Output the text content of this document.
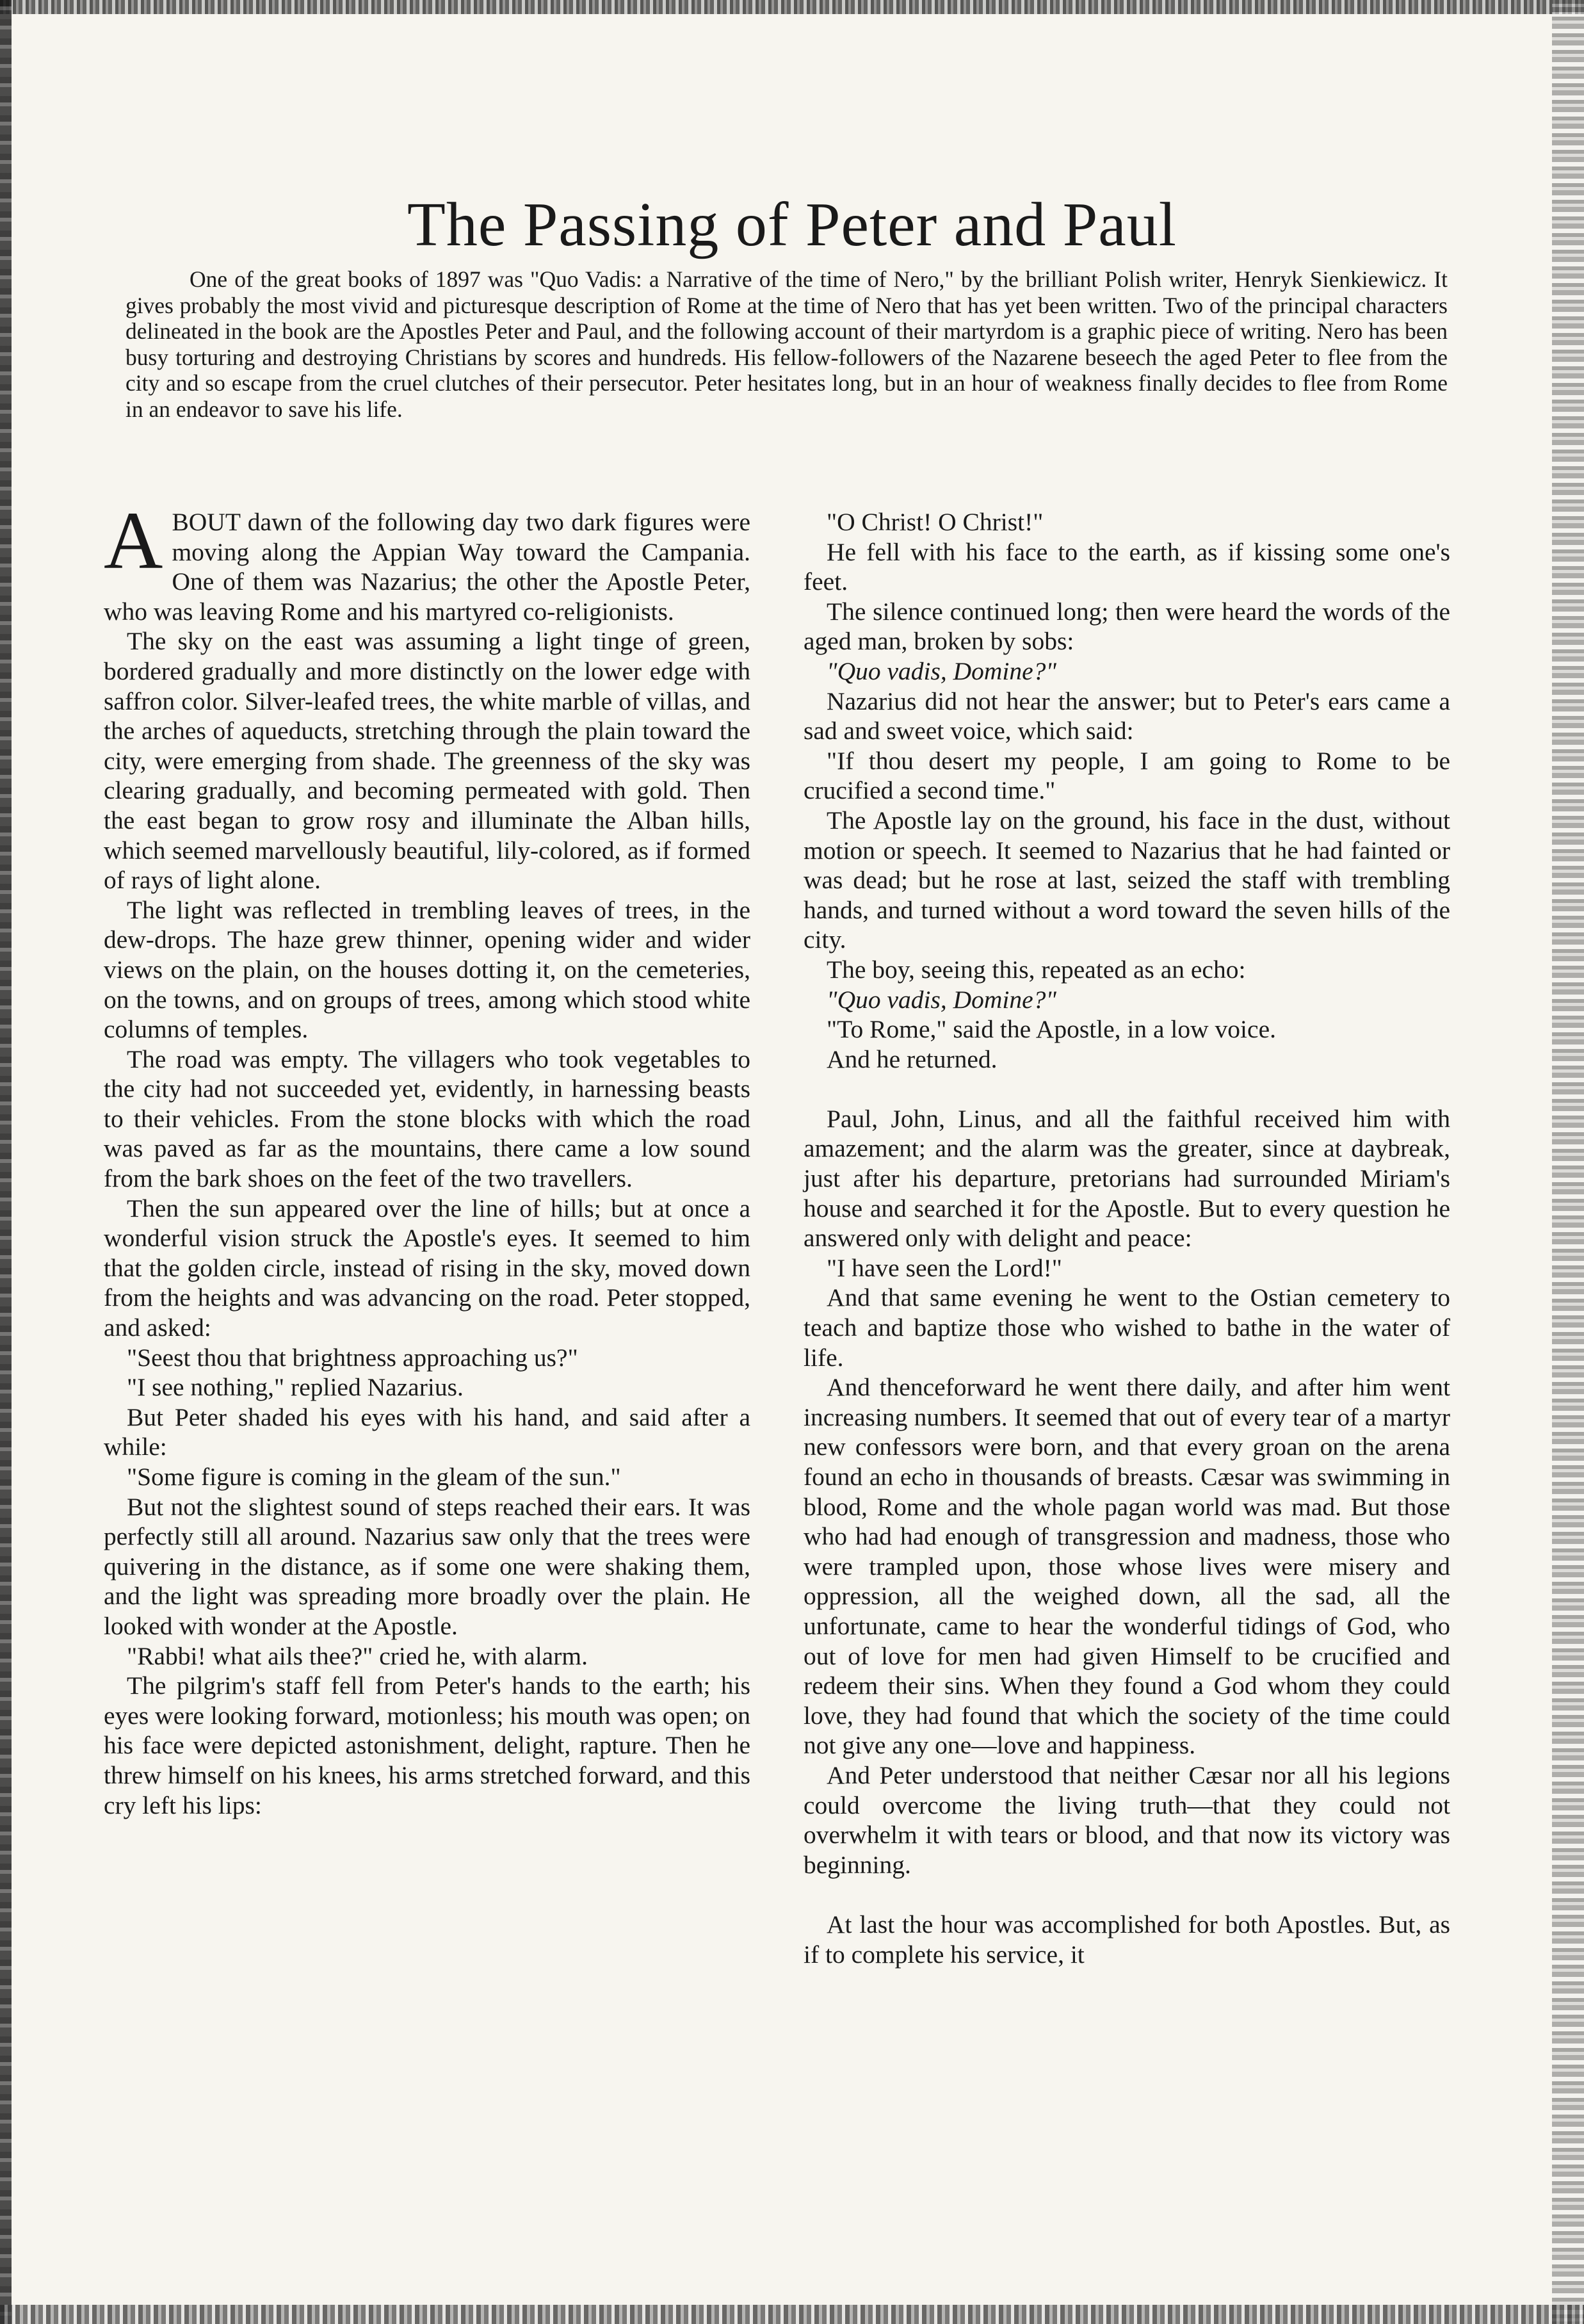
The Passing of Peter and Paul

One of the great books of 1897 was "Quo Vadis: a Narrative of the time of Nero," by the brilliant Polish writer, Henryk Sienkiewicz. It gives probably the most vivid and picturesque description of Rome at the time of Nero that has yet been written. Two of the principal characters delineated in the book are the Apostles Peter and Paul, and the following account of their martyrdom is a graphic piece of writing. Nero has been busy torturing and destroying Christians by scores and hundreds. His fellow-followers of the Nazarene beseech the aged Peter to flee from the city and so escape from the cruel clutches of their persecutor. Peter hesitates long, but in an hour of weakness finally decides to flee from Rome in an endeavor to save his life.

ABOUT dawn of the following day two dark figures were moving along the Appian Way toward the Campania. One of them was Nazarius; the other the Apostle Peter, who was leaving Rome and his martyred co-religionists.

The sky on the east was assuming a light tinge of green, bordered gradually and more distinctly on the lower edge with saffron color. Silver-leafed trees, the white marble of villas, and the arches of aqueducts, stretching through the plain toward the city, were emerging from shade. The greenness of the sky was clearing gradually, and becoming permeated with gold. Then the east began to grow rosy and illuminate the Alban hills, which seemed marvellously beautiful, lily-colored, as if formed of rays of light alone.

The light was reflected in trembling leaves of trees, in the dew-drops. The haze grew thinner, opening wider and wider views on the plain, on the houses dotting it, on the cemeteries, on the towns, and on groups of trees, among which stood white columns of temples.

The road was empty. The villagers who took vegetables to the city had not succeeded yet, evidently, in harnessing beasts to their vehicles. From the stone blocks with which the road was paved as far as the mountains, there came a low sound from the bark shoes on the feet of the two travellers.

Then the sun appeared over the line of hills; but at once a wonderful vision struck the Apostle's eyes. It seemed to him that the golden circle, instead of rising in the sky, moved down from the heights and was advancing on the road. Peter stopped, and asked:

"Seest thou that brightness approaching us?"

"I see nothing," replied Nazarius.

But Peter shaded his eyes with his hand, and said after a while:

"Some figure is coming in the gleam of the sun."

But not the slightest sound of steps reached their ears. It was perfectly still all around. Nazarius saw only that the trees were quivering in the distance, as if some one were shaking them, and the light was spreading more broadly over the plain. He looked with wonder at the Apostle.

"Rabbi! what ails thee?" cried he, with alarm.

The pilgrim's staff fell from Peter's hands to the earth; his eyes were looking forward, motionless; his mouth was open; on his face were depicted astonishment, delight, rapture. Then he threw himself on his knees, his arms stretched forward, and this cry left his lips:

"O Christ! O Christ!"

He fell with his face to the earth, as if kissing some one's feet.

The silence continued long; then were heard the words of the aged man, broken by sobs:

"Quo vadis, Domine?"

Nazarius did not hear the answer; but to Peter's ears came a sad and sweet voice, which said:

"If thou desert my people, I am going to Rome to be crucified a second time."

The Apostle lay on the ground, his face in the dust, without motion or speech. It seemed to Nazarius that he had fainted or was dead; but he rose at last, seized the staff with trembling hands, and turned without a word toward the seven hills of the city.

The boy, seeing this, repeated as an echo:

"Quo vadis, Domine?"

"To Rome," said the Apostle, in a low voice.

And he returned.

Paul, John, Linus, and all the faithful received him with amazement; and the alarm was the greater, since at daybreak, just after his departure, pretorians had surrounded Miriam's house and searched it for the Apostle. But to every question he answered only with delight and peace:

"I have seen the Lord!"

And that same evening he went to the Ostian cemetery to teach and baptize those who wished to bathe in the water of life.

And thenceforward he went there daily, and after him went increasing numbers. It seemed that out of every tear of a martyr new confessors were born, and that every groan on the arena found an echo in thousands of breasts. Cæsar was swimming in blood, Rome and the whole pagan world was mad. But those who had had enough of transgression and madness, those who were trampled upon, those whose lives were misery and oppression, all the weighed down, all the sad, all the unfortunate, came to hear the wonderful tidings of God, who out of love for men had given Himself to be crucified and redeem their sins. When they found a God whom they could love, they had found that which the society of the time could not give any one—love and happiness.

And Peter understood that neither Cæsar nor all his legions could overcome the living truth—that they could not overwhelm it with tears or blood, and that now its victory was beginning.

At last the hour was accomplished for both Apostles. But, as if to complete his service, it
